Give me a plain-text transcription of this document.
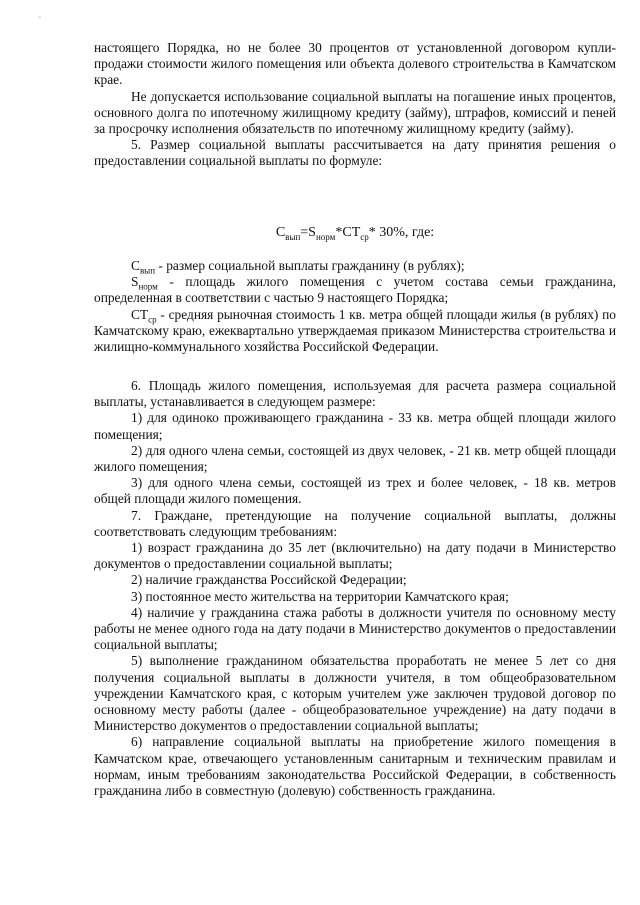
ˆ

настоящего Порядка, но не более 30 процентов от установленной договором купли-продажи стоимости жилого помещения или объекта долевого строительства в Камчатском крае.

Не допускается использование социальной выплаты на погашение иных процентов, основного долга по ипотечному жилищному кредиту (займу), штрафов, комиссий и пеней за просрочку исполнения обязательств по ипотечному жилищному кредиту (займу).

5. Размер социальной выплаты рассчитывается на дату принятия решения о предоставлении социальной выплаты по формуле:

$С_{вып}=S_{норм}*СТ_{ср}*$ 30%, где:

$С_{вып}$ - размер социальной выплаты гражданину (в рублях);

$S_{норм}$ - площадь жилого помещения с учетом состава семьи гражданина, определенная в соответствии с частью 9 настоящего Порядка;

$СТ_{ср}$ - средняя рыночная стоимость 1 кв. метра общей площади жилья (в рублях) по Камчатскому краю, ежеквартально утверждаемая приказом Министерства строительства и жилищно-коммунального хозяйства Российской Федерации.

6. Площадь жилого помещения, используемая для расчета размера социальной выплаты, устанавливается в следующем размере:

1) для одиноко проживающего гражданина - 33 кв. метра общей площади жилого помещения;

2) для одного члена семьи, состоящей из двух человек, - 21 кв. метр общей площади жилого помещения;

3) для одного члена семьи, состоящей из трех и более человек, - 18 кв. метров общей площади жилого помещения.

7. Граждане, претендующие на получение социальной выплаты, должны соответствовать следующим требованиям:

1) возраст гражданина до 35 лет (включительно) на дату подачи в Министерство документов о предоставлении социальной выплаты;

2) наличие гражданства Российской Федерации;

3) постоянное место жительства на территории Камчатского края;

4) наличие у гражданина стажа работы в должности учителя по основному месту работы не менее одного года на дату подачи в Министерство документов о предоставлении социальной выплаты;

5) выполнение гражданином обязательства проработать не менее 5 лет со дня получения социальной выплаты в должности учителя, в том общеобразовательном учреждении Камчатского края, с которым учителем уже заключен трудовой договор по основному месту работы (далее - общеобразовательное учреждение) на дату подачи в Министерство документов о предоставлении социальной выплаты;

6) направление социальной выплаты на приобретение жилого помещения в Камчатском крае, отвечающего установленным санитарным и техническим правилам и нормам, иным требованиям законодательства Российской Федерации, в собственность гражданина либо в совместную (долевую) собственность гражданина.
